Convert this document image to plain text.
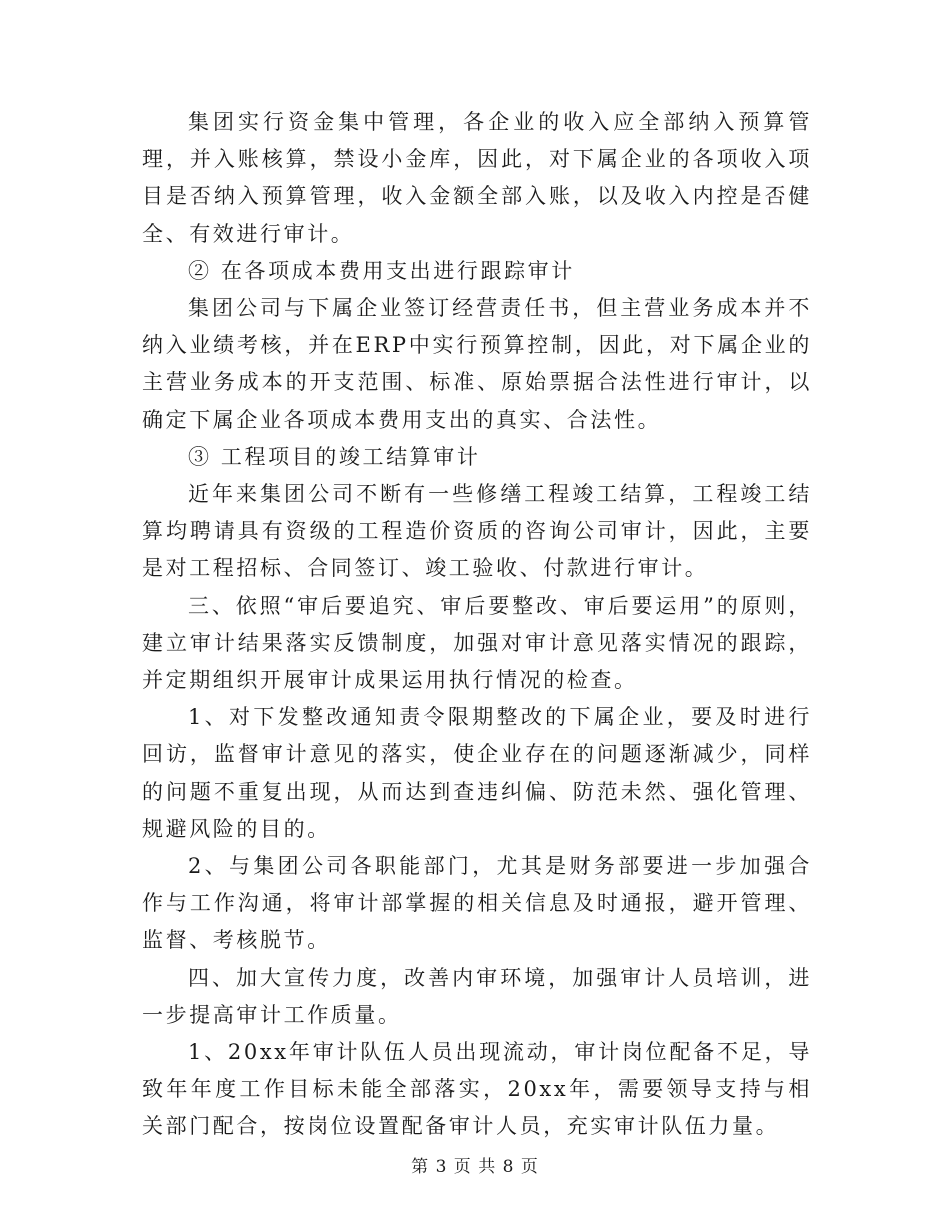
集团实行资金集中管理，各企业的收入应全部纳入预算管理，并入账核算，禁设小金库，因此，对下属企业的各项收入项目是否纳入预算管理，收入金额全部入账，以及收入内控是否健全、有效进行审计。

② 在各项成本费用支出进行跟踪审计

集团公司与下属企业签订经营责任书，但主营业务成本并不纳入业绩考核，并在ERP中实行预算控制，因此，对下属企业的主营业务成本的开支范围、标准、原始票据合法性进行审计，以确定下属企业各项成本费用支出的真实、合法性。

③ 工程项目的竣工结算审计

近年来集团公司不断有一些修缮工程竣工结算，工程竣工结算均聘请具有资级的工程造价资质的咨询公司审计，因此，主要是对工程招标、合同签订、竣工验收、付款进行审计。

三、依照“审后要追究、审后要整改、审后要运用”的原则，建立审计结果落实反馈制度，加强对审计意见落实情况的跟踪，并定期组织开展审计成果运用执行情况的检查。

1、对下发整改通知责令限期整改的下属企业，要及时进行回访，监督审计意见的落实，使企业存在的问题逐渐减少，同样的问题不重复出现，从而达到查违纠偏、防范未然、强化管理、规避风险的目的。

2、与集团公司各职能部门，尤其是财务部要进一步加强合作与工作沟通，将审计部掌握的相关信息及时通报，避开管理、监督、考核脱节。

四、加大宣传力度，改善内审环境，加强审计人员培训，进一步提高审计工作质量。

1、20xx年审计队伍人员出现流动，审计岗位配备不足，导致年年度工作目标未能全部落实，20xx年，需要领导支持与相关部门配合，按岗位设置配备审计人员，充实审计队伍力量。

第 3 页 共 8 页
